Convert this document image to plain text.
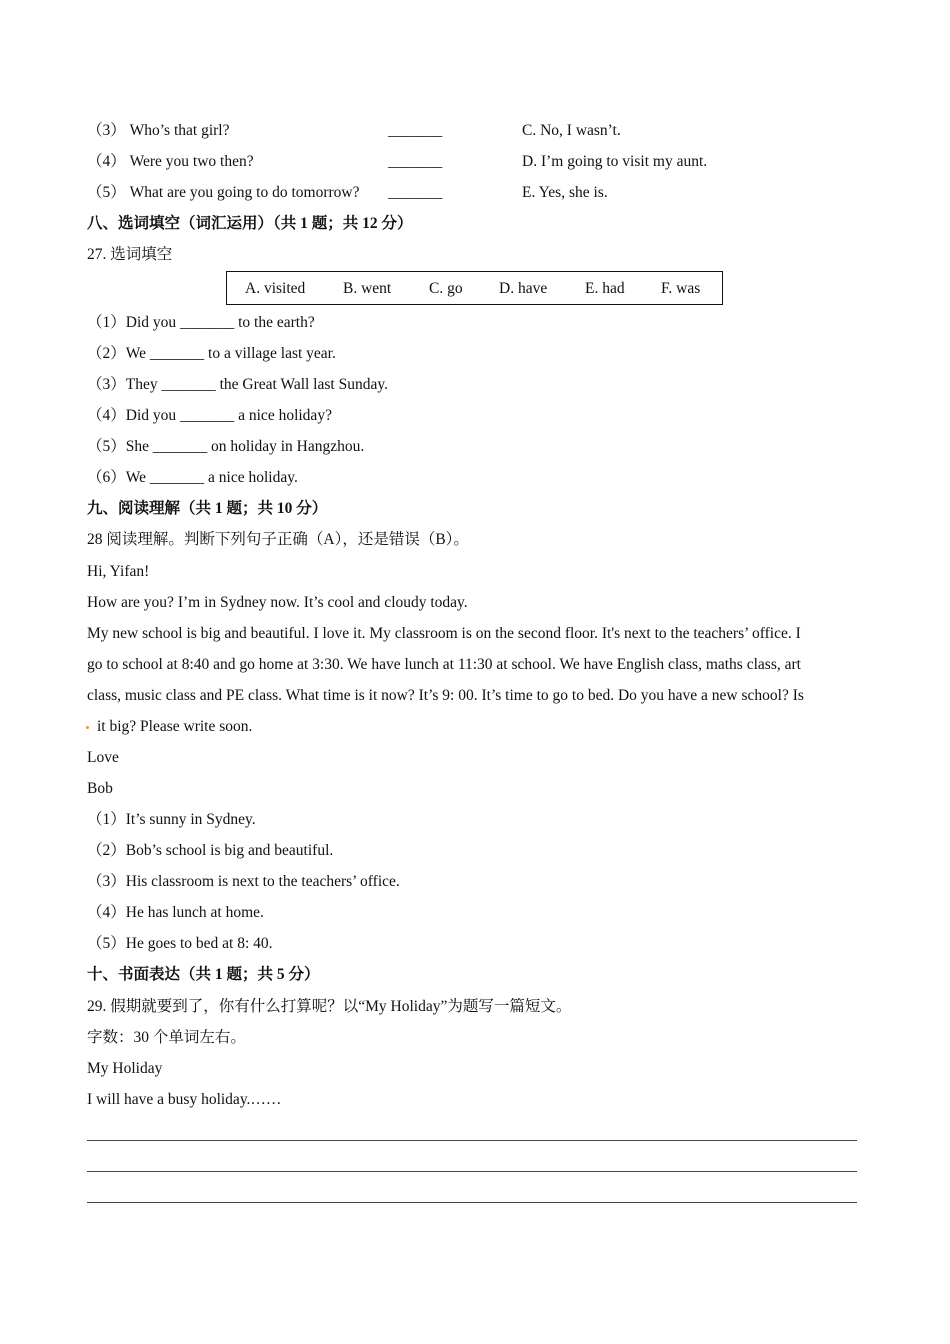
（3） Who’s that girl?	_______	C. No, I wasn’t.
（4） Were you two then?	_______	D. I’m going to visit my aunt.
（5） What are you going to do tomorrow? _______	E. Yes, she is.
八、选词填空（词汇运用）（共 1 题；共 12 分）
27. 选词填空
A. visited B. went C. go D. have E. had F. was
（1）Did you _______ to the earth?
（2）We _______ to a village last year.
（3）They _______ the Great Wall last Sunday.
（4）Did you _______ a nice holiday?
（5）She _______ on holiday in Hangzhou.
（6）We _______ a nice holiday.
九、阅读理解（共 1 题；共 10 分）
28 阅读理解。判断下列句子正确（A），还是错误（B）。
Hi, Yifan!
How are you? I’m in Sydney now. It’s cool and cloudy today.
My new school is big and beautiful. I love it. My classroom is on the second floor. It's next to the teachers’ office. I
go to school at 8:40 and go home at 3:30. We have lunch at 11:30 at school. We have English class, maths class, art
class, music class and PE class. What time is it now? It’s 9: 00. It’s time to go to bed. Do you have a new school? Is
it big? Please write soon.
Love
Bob
（1）It’s sunny in Sydney.
（2）Bob’s school is big and beautiful.
（3）His classroom is next to the teachers’ office.
（4）He has lunch at home.
（5）He goes to bed at 8: 40.
十、书面表达（共 1 题；共 5 分）
29. 假期就要到了，你有什么打算呢？以“My Holiday”为题写一篇短文。
字数：30 个单词左右。
My Holiday
I will have a busy holiday.……
